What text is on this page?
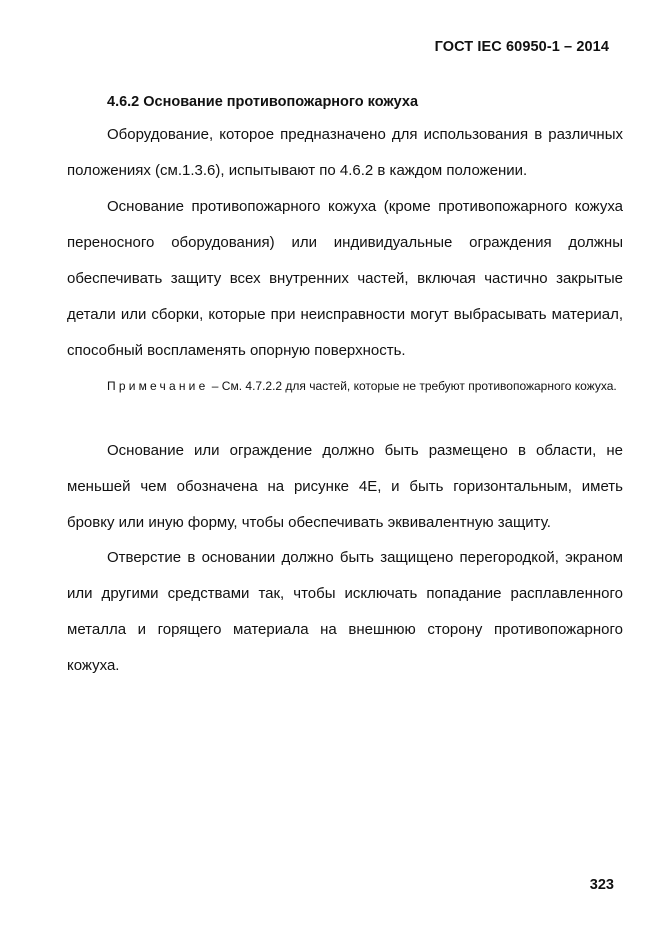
ГОСТ IEC 60950-1 – 2014
4.6.2 Основание противопожарного кожуха

Оборудование, которое предназначено для использования в различных положениях (см.1.3.6), испытывают по 4.6.2 в каждом положении.

Основание противопожарного кожуха (кроме противопожарного кожуха переносного оборудования) или индивидуальные ограждения должны обеспечивать защиту всех внутренних частей, включая частично закрытые детали или сборки, которые при неисправности могут выбрасывать материал, способный воспламенять опорную поверхность.

Примечание – См. 4.7.2.2 для частей, которые не требуют противопожарного кожуха.

Основание или ограждение должно быть размещено в области, не меньшей чем обозначена на рисунке 4Е, и быть горизонтальным, иметь бровку или иную форму, чтобы обеспечивать эквивалентную защиту.

Отверстие в основании должно быть защищено перегородкой, экраном или другими средствами так, чтобы исключать попадание расплавленного металла и горящего материала на внешнюю сторону противопожарного кожуха.

323
